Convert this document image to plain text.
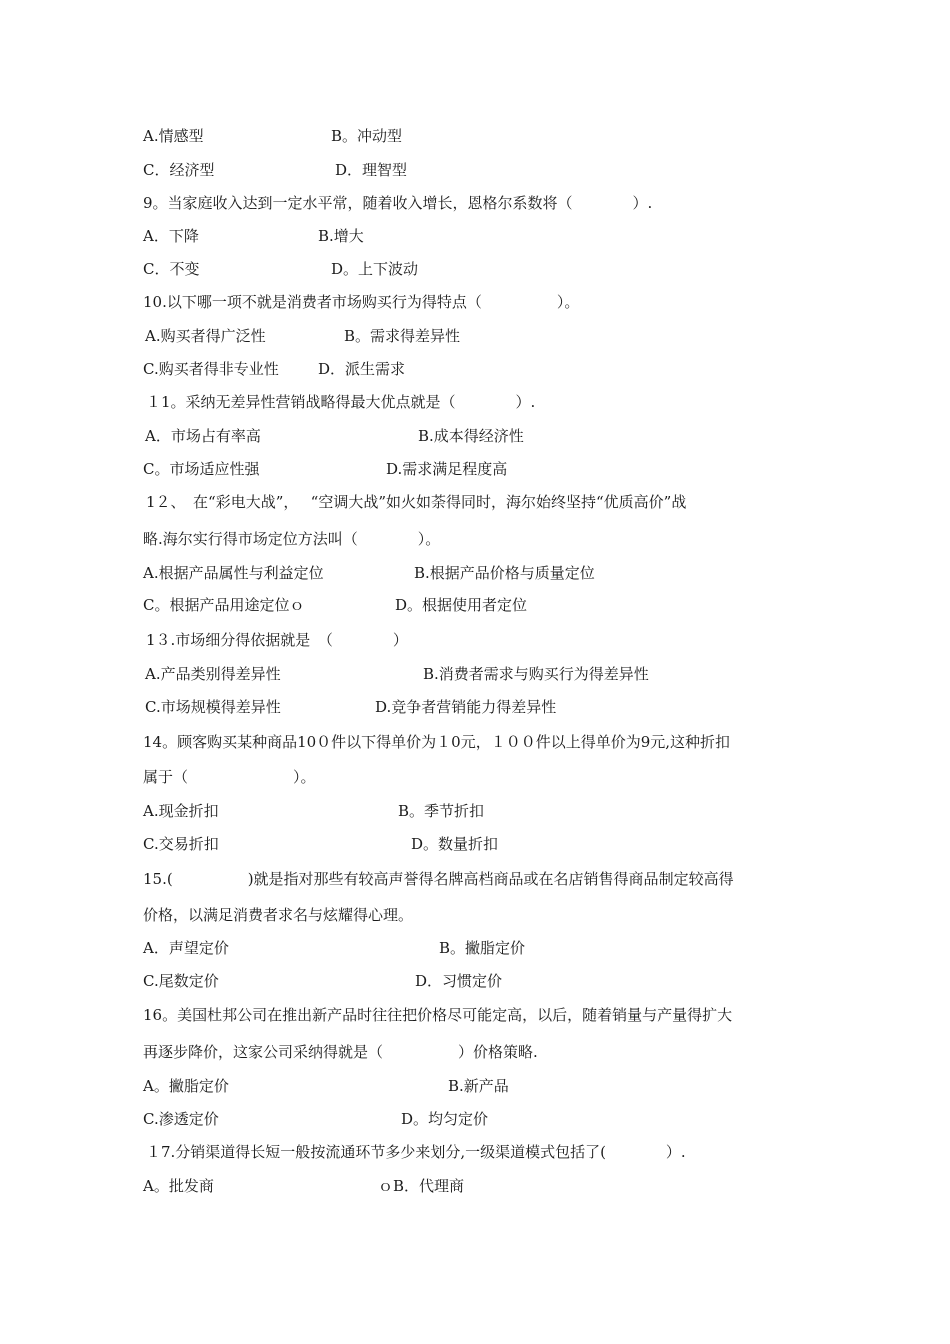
A.情感型	B。冲动型
C．经济型	D．理智型
9。当家庭收入达到一定水平常，随着收入增长，恩格尔系数将（　　　　）.
A．下降	B.增大
C．不变	D。上下波动
10.以下哪一项不就是消费者市场购买行为得特点（　　　　　）。
A.购买者得广泛性	B。需求得差异性
C.购买者得非专业性	D．派生需求
１1。采纳无差异性营销战略得最大优点就是（　　　　）.
A．市场占有率高	B.成本得经济性
C。市场适应性强	D.需求满足程度高
1２、　在“彩电大战”，　 “空调大战”如火如荼得同时，海尔始终坚持“优质高价”战
略.海尔实行得市场定位方法叫（　　　　）。
A.根据产品属性与利益定位	B.根据产品价格与质量定位
C。根据产品用途定位ｏ	D。根据使用者定位
1３.市场细分得依据就是　（　　　　）
A.产品类别得差异性	B.消费者需求与购买行为得差异性
C.市场规模得差异性	D.竞争者营销能力得差异性
14。顾客购买某种商品10０件以下得单价为１0元，１００件以上得单价为9元,这种折扣
属于（　　　　　　　）。
A.现金折扣	B。季节折扣
C.交易折扣	D。数量折扣
15.(　　　　　)就是指对那些有较高声誉得名牌高档商品或在名店销售得商品制定较高得
价格，以满足消费者求名与炫耀得心理。
A．声望定价	B。撇脂定价
C.尾数定价	D．习惯定价
16。美国杜邦公司在推出新产品时往往把价格尽可能定高，以后，随着销量与产量得扩大
再逐步降价，这家公司采纳得就是（　　　　　）价格策略.
A。撇脂定价	B.新产品
C.渗透定价	D。均匀定价
１7.分销渠道得长短一般按流通环节多少来划分,一级渠道模式包括了(　　　　）.
A。批发商	ｏB．代理商
